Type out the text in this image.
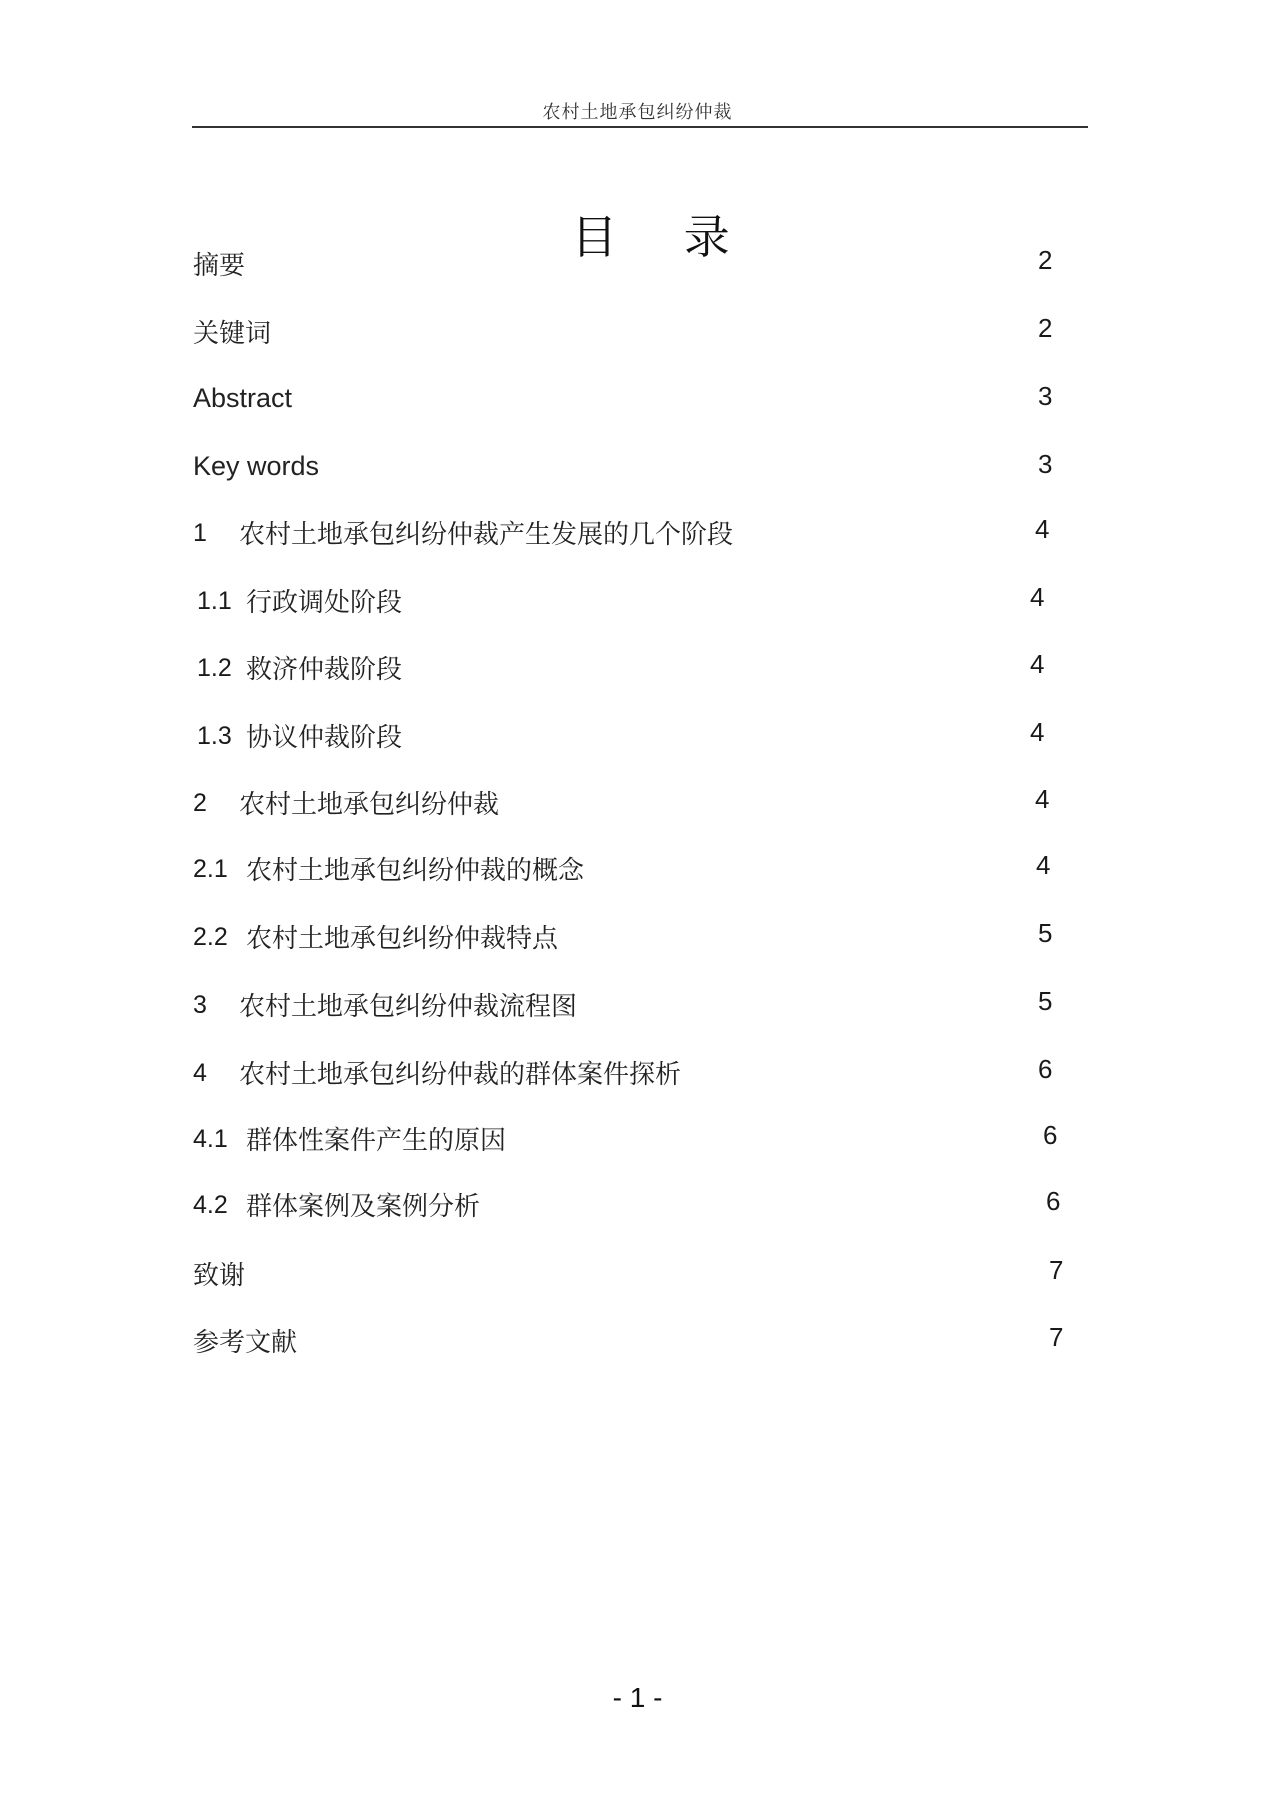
农村土地承包纠纷仲裁
目 录
摘要	2
关键词	2
Abstract	3
Key words	3
1 农村土地承包纠纷仲裁产生发展的几个阶段	4
1.1 行政调处阶段	4
1.2 救济仲裁阶段	4
1.3 协议仲裁阶段	4
2 农村土地承包纠纷仲裁	4
2.1 农村土地承包纠纷仲裁的概念	4
2.2 农村土地承包纠纷仲裁特点	5
3 农村土地承包纠纷仲裁流程图	5
4 农村土地承包纠纷仲裁的群体案件探析	6
4.1 群体性案件产生的原因	6
4.2 群体案例及案例分析	6
致谢	7
参考文献	7
- 1 -
